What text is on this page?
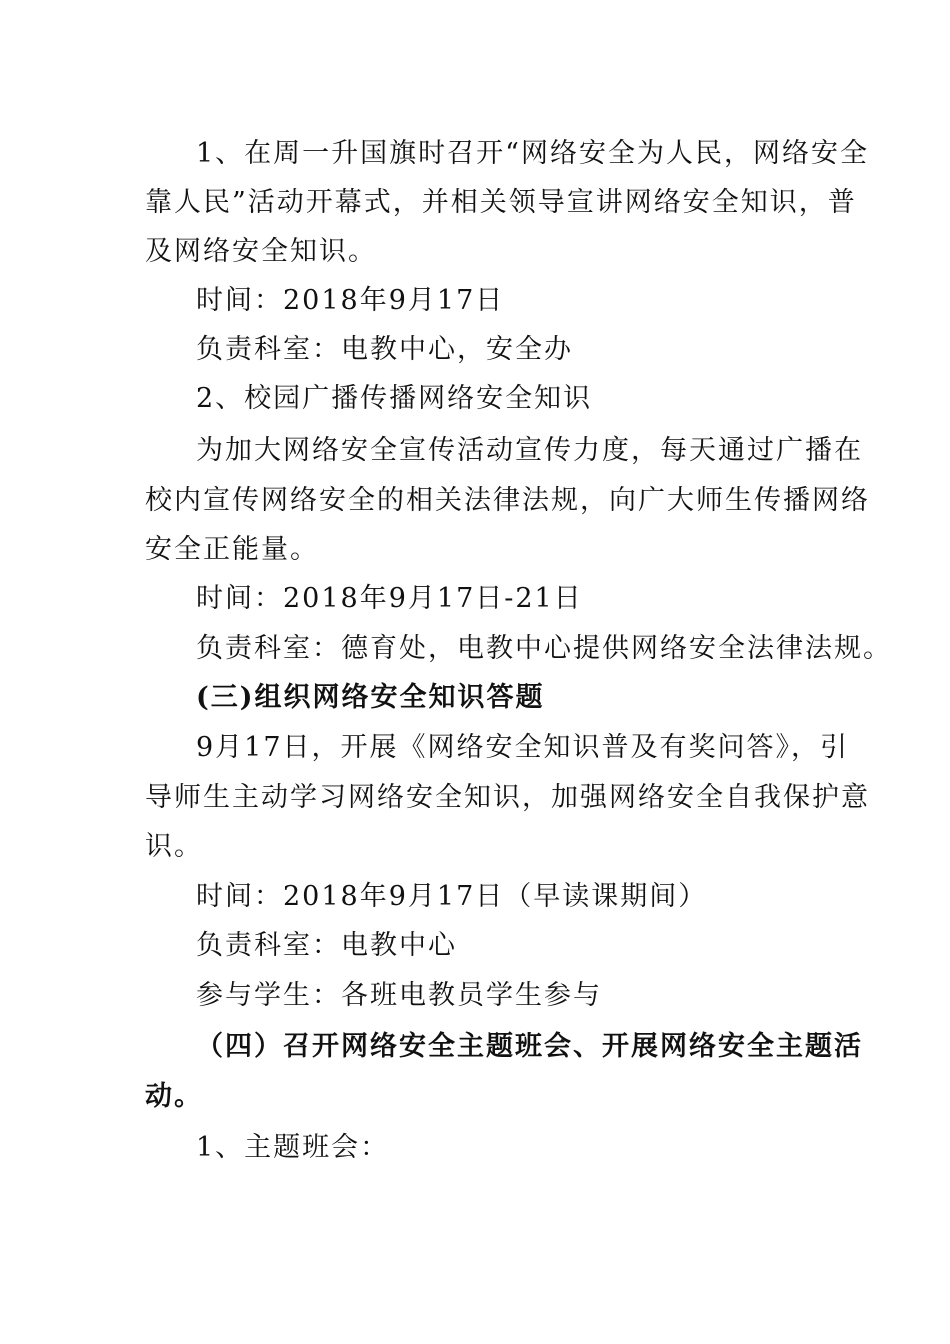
1、在周一升国旗时召开“网络安全为人民，网络安全
靠人民”活动开幕式，并相关领导宣讲网络安全知识，普
及网络安全知识。
时间：2018年9月17日
负责科室：电教中心，安全办
2、校园广播传播网络安全知识
为加大网络安全宣传活动宣传力度，每天通过广播在
校内宣传网络安全的相关法律法规，向广大师生传播网络
安全正能量。
时间：2018年9月17日-21日
负责科室：德育处，电教中心提供网络安全法律法规。
(三)组织网络安全知识答题
9月17日，开展《网络安全知识普及有奖问答》，引
导师生主动学习网络安全知识，加强网络安全自我保护意
识。
时间：2018年9月17日（早读课期间）
负责科室：电教中心
参与学生：各班电教员学生参与
（四）召开网络安全主题班会、开展网络安全主题活
动。
1、主题班会：
